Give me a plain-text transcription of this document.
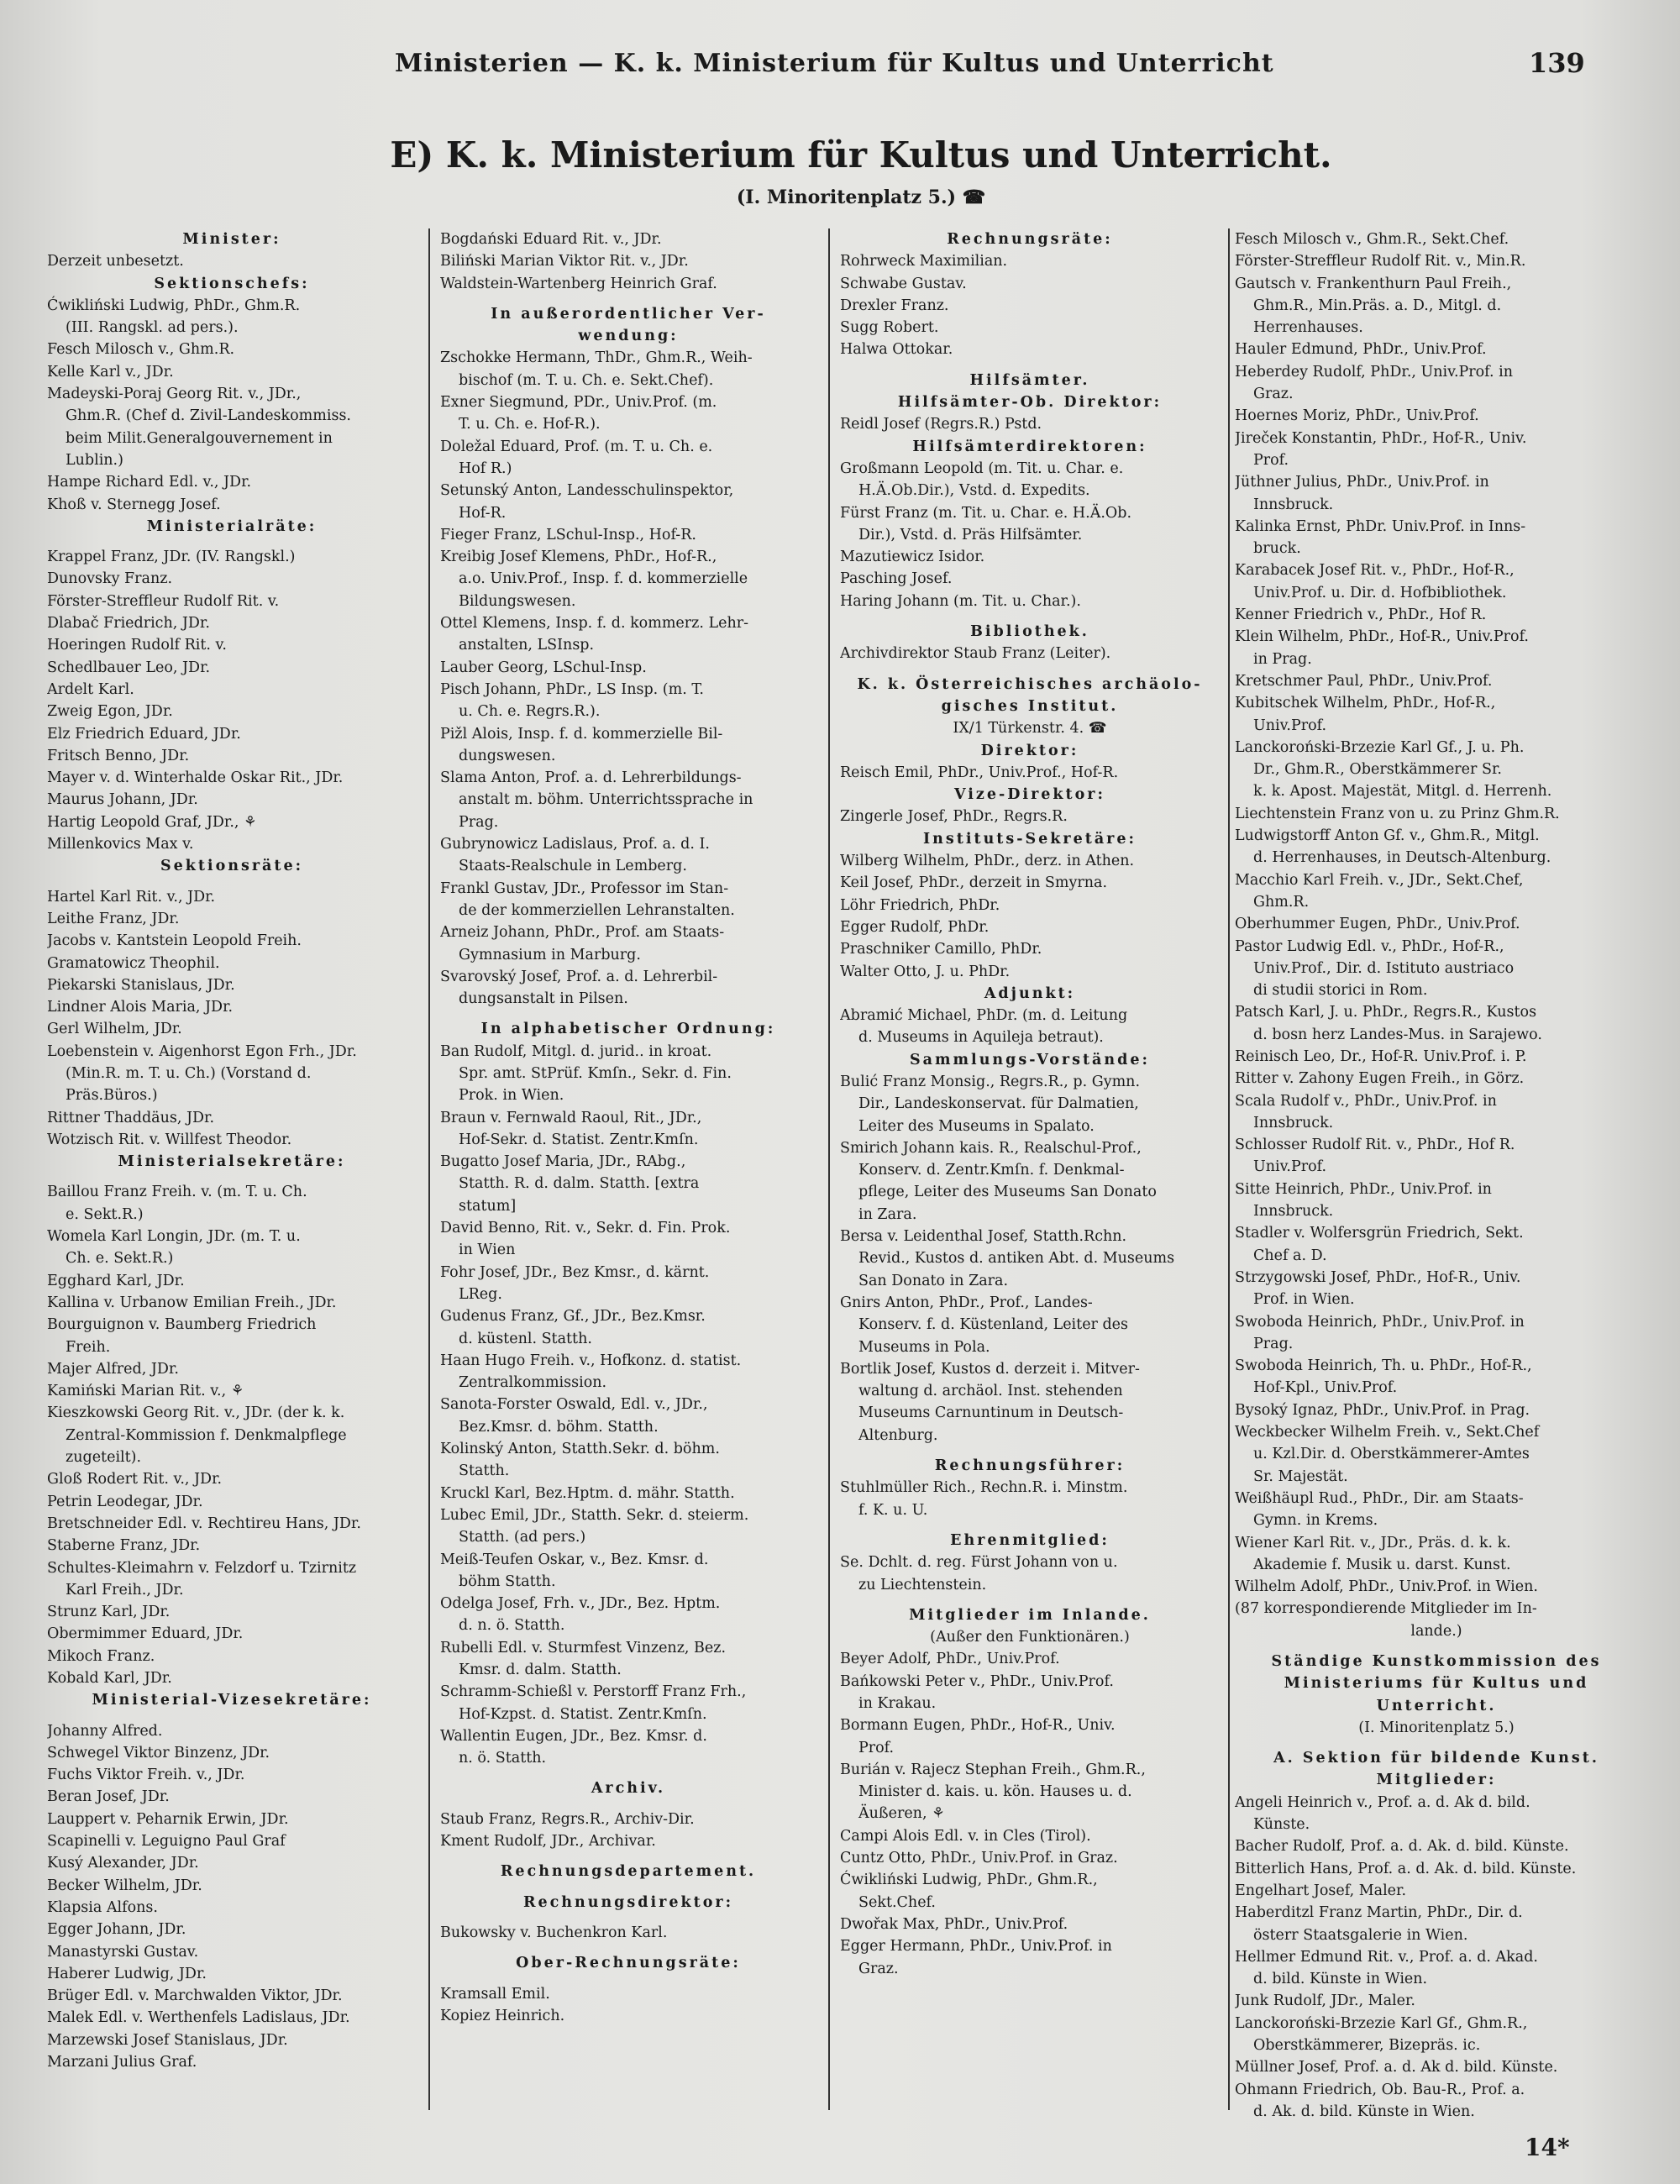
Ministerien — K. k. Ministerium für Kultus und Unterricht	139
E) K. k. Ministerium für Kultus und Unterricht.
(I. Minoritenplatz 5.) ☎
Minister:
Derzeit unbesetzt.
Sektionschefs:
Ćwikliński Ludwig, PhDr., Ghm.R.
(III. Rangskl. ad pers.).
Fesch Milosch v., Ghm.R.
Kelle Karl v., JDr.
Madeyski-Poraj Georg Rit. v., JDr.,
Ghm.R. (Chef d. Zivil-Landeskommiss.
beim Milit.Generalgouvernement in
Lublin.)
Hampe Richard Edl. v., JDr.
Khoß v. Sternegg Josef.
Ministerialräte:
Krappel Franz, JDr. (IV. Rangskl.)
Dunovsky Franz.
Förster-Streffleur Rudolf Rit. v.
Dlabač Friedrich, JDr.
Hoeringen Rudolf Rit. v.
Schedlbauer Leo, JDr.
Ardelt Karl.
Zweig Egon, JDr.
Elz Friedrich Eduard, JDr.
Fritsch Benno, JDr.
Mayer v. d. Winterhalde Oskar Rit., JDr.
Maurus Johann, JDr.
Hartig Leopold Graf, JDr., ⚘
Millenkovics Max v.
Sektionsräte:
Hartel Karl Rit. v., JDr.
Leithe Franz, JDr.
Jacobs v. Kantstein Leopold Freih.
Gramatowicz Theophil.
Piekarski Stanislaus, JDr.
Lindner Alois Maria, JDr.
Gerl Wilhelm, JDr.
Loebenstein v. Aigenhorst Egon Frh., JDr.
(Min.R. m. T. u. Ch.) (Vorstand d.
Präs.Büros.)
Rittner Thaddäus, JDr.
Wotzisch Rit. v. Willfest Theodor.
Ministerialsekretäre:
Baillou Franz Freih. v. (m. T. u. Ch.
e. Sekt.R.)
Womela Karl Longin, JDr. (m. T. u.
Ch. e. Sekt.R.)
Egghard Karl, JDr.
Kallina v. Urbanow Emilian Freih., JDr.
Bourguignon v. Baumberg Friedrich
Freih.
Majer Alfred, JDr.
Kamiński Marian Rit. v., ⚘
Kieszkowski Georg Rit. v., JDr. (der k. k.
Zentral-Kommission f. Denkmalpflege
zugeteilt).
Gloß Rodert Rit. v., JDr.
Petrin Leodegar, JDr.
Bretschneider Edl. v. Rechtireu Hans, JDr.
Staberne Franz, JDr.
Schultes-Kleimahrn v. Felzdorf u. Tzirnitz
Karl Freih., JDr.
Strunz Karl, JDr.
Obermimmer Eduard, JDr.
Mikoch Franz.
Kobald Karl, JDr.
Ministerial-Vizesekretäre:
Johanny Alfred.
Schwegel Viktor Binzenz, JDr.
Fuchs Viktor Freih. v., JDr.
Beran Josef, JDr.
Lauppert v. Peharnik Erwin, JDr.
Scapinelli v. Leguigno Paul Graf
Kusý Alexander, JDr.
Becker Wilhelm, JDr.
Klapsia Alfons.
Egger Johann, JDr.
Manastyrski Gustav.
Haberer Ludwig, JDr.
Brüger Edl. v. Marchwalden Viktor, JDr.
Malek Edl. v. Werthenfels Ladislaus, JDr.
Marzewski Josef Stanislaus, JDr.
Marzani Julius Graf.
Bogdański Eduard Rit. v., JDr.
Biliński Marian Viktor Rit. v., JDr.
Waldstein-Wartenberg Heinrich Graf.
In außerordentlicher Ver-
wendung:
Zschokke Hermann, ThDr., Ghm.R., Weih-
bischof (m. T. u. Ch. e. Sekt.Chef).
Exner Siegmund, PDr., Univ.Prof. (m.
T. u. Ch. e. Hof-R.).
Doležal Eduard, Prof. (m. T. u. Ch. e.
Hof R.)
Setunský Anton, Landesschulinspektor,
Hof-R.
Fieger Franz, LSchul-Insp., Hof-R.
Kreibig Josef Klemens, PhDr., Hof-R.,
a.o. Univ.Prof., Insp. f. d. kommerzielle
Bildungswesen.
Ottel Klemens, Insp. f. d. kommerz. Lehr-
anstalten, LSInsp.
Lauber Georg, LSchul-Insp.
Pisch Johann, PhDr., LS Insp. (m. T.
u. Ch. e. Regrs.R.).
Pižl Alois, Insp. f. d. kommerzielle Bil-
dungswesen.
Slama Anton, Prof. a. d. Lehrerbildungs-
anstalt m. böhm. Unterrichtssprache in
Prag.
Gubrynowicz Ladislaus, Prof. a. d. I.
Staats-Realschule in Lemberg.
Frankl Gustav, JDr., Professor im Stan-
de der kommerziellen Lehranstalten.
Arneiz Johann, PhDr., Prof. am Staats-
Gymnasium in Marburg.
Svarovský Josef, Prof. a. d. Lehrerbil-
dungsanstalt in Pilsen.
In alphabetischer Ordnung:
Ban Rudolf, Mitgl. d. jurid.. in kroat.
Spr. amt. StPrüf. Kmſn., Sekr. d. Fin.
Prok. in Wien.
Braun v. Fernwald Raoul, Rit., JDr.,
Hof-Sekr. d. Statist. Zentr.Kmſn.
Bugatto Josef Maria, JDr., RAbg.,
Statth. R. d. dalm. Statth. [extra
statum]
David Benno, Rit. v., Sekr. d. Fin. Prok.
in Wien
Fohr Josef, JDr., Bez Kmsr., d. kärnt.
LReg.
Gudenus Franz, Gf., JDr., Bez.Kmsr.
d. küstenl. Statth.
Haan Hugo Freih. v., Hofkonz. d. statist.
Zentralkommission.
Sanota-Forster Oswald, Edl. v., JDr.,
Bez.Kmsr. d. böhm. Statth.
Kolinský Anton, Statth.Sekr. d. böhm.
Statth.
Kruckl Karl, Bez.Hptm. d. mähr. Statth.
Lubec Emil, JDr., Statth. Sekr. d. steierm.
Statth. (ad pers.)
Meiß-Teufen Oskar, v., Bez. Kmsr. d.
böhm Statth.
Odelga Josef, Frh. v., JDr., Bez. Hptm.
d. n. ö. Statth.
Rubelli Edl. v. Sturmfest Vinzenz, Bez.
Kmsr. d. dalm. Statth.
Schramm-Schießl v. Perstorff Franz Frh.,
Hof-Kzpst. d. Statist. Zentr.Kmſn.
Wallentin Eugen, JDr., Bez. Kmsr. d.
n. ö. Statth.
Archiv.
Staub Franz, Regrs.R., Archiv-Dir.
Kment Rudolf, JDr., Archivar.
Rechnungsdepartement.
Rechnungsdirektor:
Bukowsky v. Buchenkron Karl.
Ober-Rechnungsräte:
Kramsall Emil.
Kopiez Heinrich.
Rechnungsräte:
Rohrweck Maximilian.
Schwabe Gustav.
Drexler Franz.
Sugg Robert.
Halwa Ottokar.
Hilfsämter.
Hilfsämter-Ob. Direktor:
Reidl Josef (Regrs.R.) Pstd.
Hilfsämterdirektoren:
Großmann Leopold (m. Tit. u. Char. e.
H.Ä.Ob.Dir.), Vstd. d. Expedits.
Fürst Franz (m. Tit. u. Char. e. H.Ä.Ob.
Dir.), Vstd. d. Präs Hilfsämter.
Mazutiewicz Isidor.
Pasching Josef.
Haring Johann (m. Tit. u. Char.).
Bibliothek.
Archivdirektor Staub Franz (Leiter).
K. k. Österreichisches archäolo-
gisches Institut.
IX/1 Türkenstr. 4. ☎
Direktor:
Reisch Emil, PhDr., Univ.Prof., Hof-R.
Vize-Direktor:
Zingerle Josef, PhDr., Regrs.R.
Instituts-Sekretäre:
Wilberg Wilhelm, PhDr., derz. in Athen.
Keil Josef, PhDr., derzeit in Smyrna.
Löhr Friedrich, PhDr.
Egger Rudolf, PhDr.
Praschniker Camillo, PhDr.
Walter Otto, J. u. PhDr.
Adjunkt:
Abramić Michael, PhDr. (m. d. Leitung
d. Museums in Aquileja betraut).
Sammlungs-Vorstände:
Bulić Franz Monsig., Regrs.R., p. Gymn.
Dir., Landeskonservat. für Dalmatien,
Leiter des Museums in Spalato.
Smirich Johann kais. R., Realschul-Prof.,
Konserv. d. Zentr.Kmſn. f. Denkmal-
pflege, Leiter des Museums San Donato
in Zara.
Bersa v. Leidenthal Josef, Statth.Rchn.
Revid., Kustos d. antiken Abt. d. Museums
San Donato in Zara.
Gnirs Anton, PhDr., Prof., Landes-
Konserv. f. d. Küstenland, Leiter des
Museums in Pola.
Bortlik Josef, Kustos d. derzeit i. Mitver-
waltung d. archäol. Inst. stehenden
Museums Carnuntinum in Deutsch-
Altenburg.
Rechnungsführer:
Stuhlmüller Rich., Rechn.R. i. Minstm.
f. K. u. U.
Ehrenmitglied:
Se. Dchlt. d. reg. Fürst Johann von u.
zu Liechtenstein.
Mitglieder im Inlande.
(Außer den Funktionären.)
Beyer Adolf, PhDr., Univ.Prof.
Bańkowski Peter v., PhDr., Univ.Prof.
in Krakau.
Bormann Eugen, PhDr., Hof-R., Univ.
Prof.
Burián v. Rajecz Stephan Freih., Ghm.R.,
Minister d. kais. u. kön. Hauses u. d.
Äußeren, ⚘
Campi Alois Edl. v. in Cles (Tirol).
Cuntz Otto, PhDr., Univ.Prof. in Graz.
Ćwikliński Ludwig, PhDr., Ghm.R.,
Sekt.Chef.
Dwořak Max, PhDr., Univ.Prof.
Egger Hermann, PhDr., Univ.Prof. in
Graz.
Fesch Milosch v., Ghm.R., Sekt.Chef.
Förster-Streffleur Rudolf Rit. v., Min.R.
Gautsch v. Frankenthurn Paul Freih.,
Ghm.R., Min.Präs. a. D., Mitgl. d.
Herrenhauses.
Hauler Edmund, PhDr., Univ.Prof.
Heberdey Rudolf, PhDr., Univ.Prof. in
Graz.
Hoernes Moriz, PhDr., Univ.Prof.
Jireček Konstantin, PhDr., Hof-R., Univ.
Prof.
Jüthner Julius, PhDr., Univ.Prof. in
Innsbruck.
Kalinka Ernst, PhDr. Univ.Prof. in Inns-
bruck.
Karabacek Josef Rit. v., PhDr., Hof-R.,
Univ.Prof. u. Dir. d. Hofbibliothek.
Kenner Friedrich v., PhDr., Hof R.
Klein Wilhelm, PhDr., Hof-R., Univ.Prof.
in Prag.
Kretschmer Paul, PhDr., Univ.Prof.
Kubitschek Wilhelm, PhDr., Hof-R.,
Univ.Prof.
Lanckoroński-Brzezie Karl Gf., J. u. Ph.
Dr., Ghm.R., Oberstkämmerer Sr.
k. k. Apost. Majestät, Mitgl. d. Herrenh.
Liechtenstein Franz von u. zu Prinz Ghm.R.
Ludwigstorff Anton Gf. v., Ghm.R., Mitgl.
d. Herrenhauses, in Deutsch-Altenburg.
Macchio Karl Freih. v., JDr., Sekt.Chef,
Ghm.R.
Oberhummer Eugen, PhDr., Univ.Prof.
Pastor Ludwig Edl. v., PhDr., Hof-R.,
Univ.Prof., Dir. d. Istituto austriaco
di studii storici in Rom.
Patsch Karl, J. u. PhDr., Regrs.R., Kustos
d. bosn herz Landes-Mus. in Sarajewo.
Reinisch Leo, Dr., Hof-R. Univ.Prof. i. P.
Ritter v. Zahony Eugen Freih., in Görz.
Scala Rudolf v., PhDr., Univ.Prof. in
Innsbruck.
Schlosser Rudolf Rit. v., PhDr., Hof R.
Univ.Prof.
Sitte Heinrich, PhDr., Univ.Prof. in
Innsbruck.
Stadler v. Wolfersgrün Friedrich, Sekt.
Chef a. D.
Strzygowski Josef, PhDr., Hof-R., Univ.
Prof. in Wien.
Swoboda Heinrich, PhDr., Univ.Prof. in
Prag.
Swoboda Heinrich, Th. u. PhDr., Hof-R.,
Hof-Kpl., Univ.Prof.
Bysoký Ignaz, PhDr., Univ.Prof. in Prag.
Weckbecker Wilhelm Freih. v., Sekt.Chef
u. Kzl.Dir. d. Oberstkämmerer-Amtes
Sr. Majestät.
Weißhäupl Rud., PhDr., Dir. am Staats-
Gymn. in Krems.
Wiener Karl Rit. v., JDr., Präs. d. k. k.
Akademie f. Musik u. darst. Kunst.
Wilhelm Adolf, PhDr., Univ.Prof. in Wien.
(87 korrespondierende Mitglieder im In-
lande.)
Ständige Kunstkommission des
Ministeriums für Kultus und
Unterricht.
(I. Minoritenplatz 5.)
A. Sektion für bildende Kunst.
Mitglieder:
Angeli Heinrich v., Prof. a. d. Ak d. bild.
Künste.
Bacher Rudolf, Prof. a. d. Ak. d. bild. Künste.
Bitterlich Hans, Prof. a. d. Ak. d. bild. Künste.
Engelhart Josef, Maler.
Haberditzl Franz Martin, PhDr., Dir. d.
österr Staatsgalerie in Wien.
Hellmer Edmund Rit. v., Prof. a. d. Akad.
d. bild. Künste in Wien.
Junk Rudolf, JDr., Maler.
Lanckoroński-Brzezie Karl Gf., Ghm.R.,
Oberstkämmerer, Bizepräs. ic.
Müllner Josef, Prof. a. d. Ak d. bild. Künste.
Ohmann Friedrich, Ob. Bau-R., Prof. a.
d. Ak. d. bild. Künste in Wien.
14*
